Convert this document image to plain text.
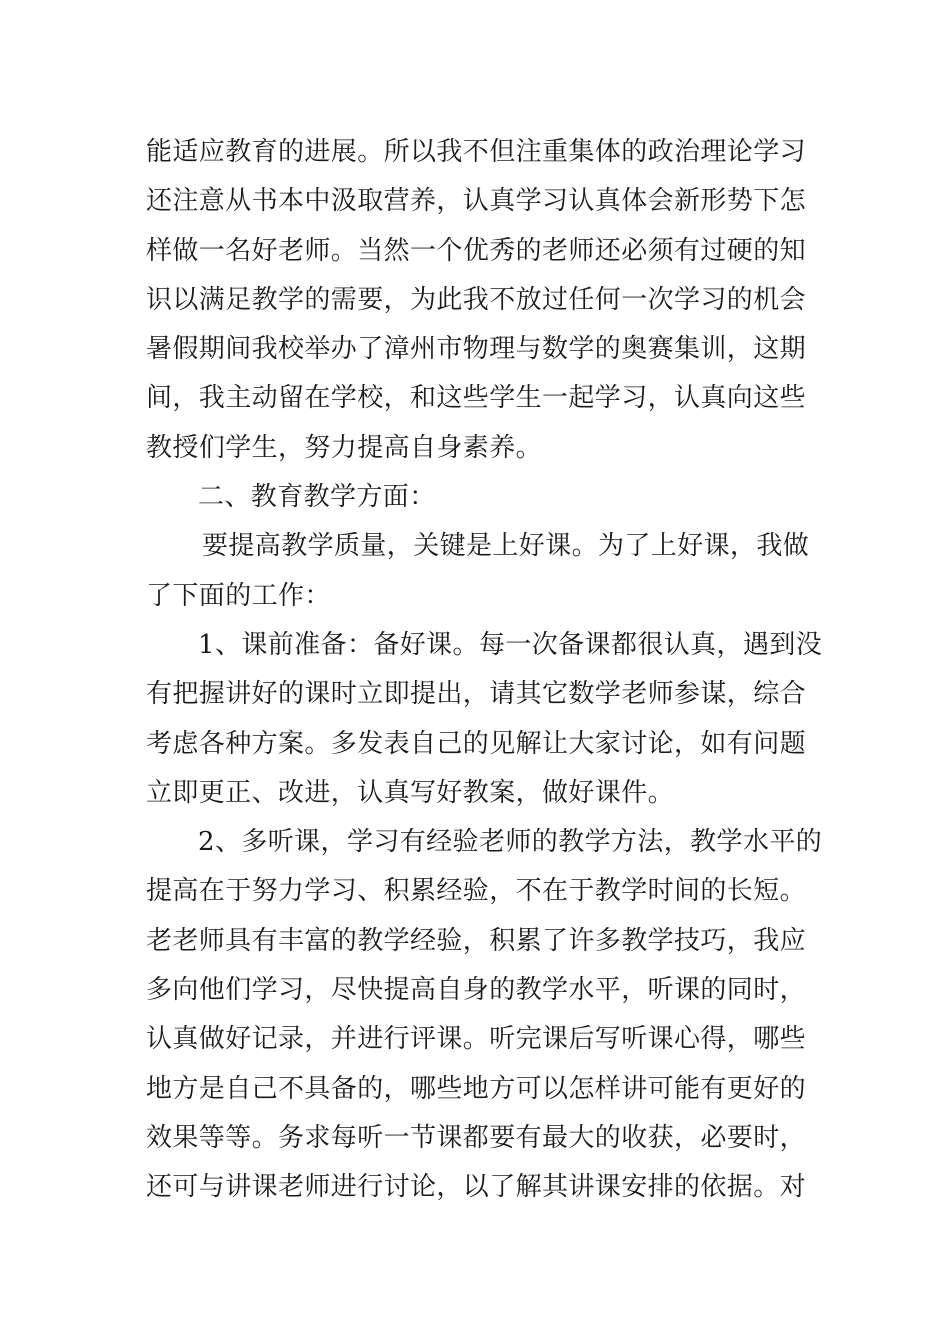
能适应教育的进展。所以我不但注重集体的政治理论学习
还注意从书本中汲取营养，认真学习认真体会新形势下怎
样做一名好老师。当然一个优秀的老师还必须有过硬的知
识以满足教学的需要，为此我不放过任何一次学习的机会
暑假期间我校举办了漳州市物理与数学的奥赛集训，这期
间，我主动留在学校，和这些学生一起学习，认真向这些
教授们学生，努力提高自身素养。
二、教育教学方面：
要提高教学质量，关键是上好课。为了上好课，我做
了下面的工作：
1、课前准备：备好课。每一次备课都很认真，遇到没
有把握讲好的课时立即提出，请其它数学老师参谋，综合
考虑各种方案。多发表自己的见解让大家讨论，如有问题
立即更正、改进，认真写好教案，做好课件。
2、多听课，学习有经验老师的教学方法，教学水平的
提高在于努力学习、积累经验，不在于教学时间的长短。
老老师具有丰富的教学经验，积累了许多教学技巧，我应
多向他们学习，尽快提高自身的教学水平，听课的同时，
认真做好记录，并进行评课。听完课后写听课心得，哪些
地方是自己不具备的，哪些地方可以怎样讲可能有更好的
效果等等。务求每听一节课都要有最大的收获，必要时，
还可与讲课老师进行讨论，以了解其讲课安排的依据。对
